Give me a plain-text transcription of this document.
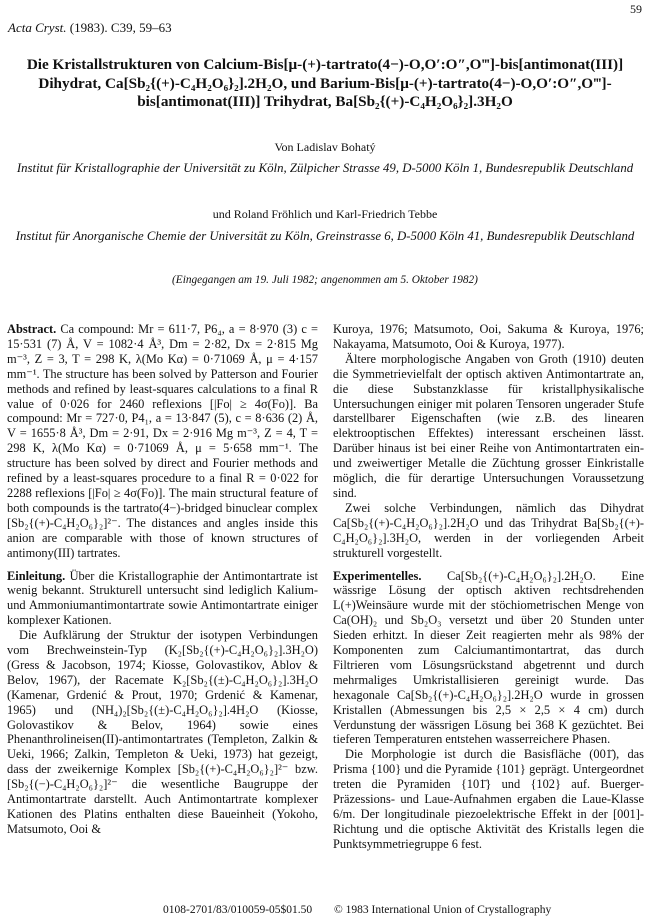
59
Acta Cryst. (1983). C39, 59–63
Die Kristallstrukturen von Calcium-Bis[μ-(+)-tartrato(4−)-O,O′:O″,O‴]-bis[antimonat(III)] Dihydrat, Ca[Sb₂{(+)-C₄H₂O₆}₂].2H₂O, und Barium-Bis[μ-(+)-tartrato(4−)-O,O′:O″,O‴]-bis[antimonat(III)] Trihydrat, Ba[Sb₂{(+)-C₄H₂O₆}₂].3H₂O
Von Ladislav Bohatý
Institut für Kristallographie der Universität zu Köln, Zülpicher Strasse 49, D-5000 Köln 1, Bundesrepublik Deutschland
und Roland Fröhlich und Karl-Friedrich Tebbe
Institut für Anorganische Chemie der Universität zu Köln, Greinstrasse 6, D-5000 Köln 41, Bundesrepublik Deutschland
(Eingegangen am 19. Juli 1982; angenommen am 5. Oktober 1982)

Abstract. Ca compound: Mr = 611·7, P6₄, a = 8·970 (3) c = 15·531 (7) Å, V = 1082·4 Å³, Dm = 2·82, Dx = 2·815 Mg m⁻³, Z = 3, T = 298 K, λ(Mo Kα) = 0·71069 Å, μ = 4·157 mm⁻¹. The structure has been solved by Patterson and Fourier methods and refined by least-squares calculations to a final R value of 0·026 for 2460 reflexions [|Fo| ≥ 4σ(Fo)]. Ba compound: Mr = 727·0, P4₁, a = 13·847 (5), c = 8·636 (2) Å, V = 1655·8 Å³, Dm = 2·91, Dx = 2·916 Mg m⁻³, Z = 4, T = 298 K, λ(Mo Kα) = 0·71069 Å, μ = 5·658 mm⁻¹. The structure has been solved by direct and Fourier methods and refined by a least-squares procedure to a final R = 0·022 for 2288 reflexions [|Fo| ≥ 4σ(Fo)]. The main structural feature of both compounds is the tartrato(4−)-bridged binuclear complex [Sb₂{(+)-C₄H₂O₆}₂]²⁻. The distances and angles inside this anion are comparable with those of known structures of antimony(III) tartrates.

Einleitung. Über die Kristallographie der Antimontartrate ist wenig bekannt. Strukturell untersucht sind lediglich Kalium- und Ammoniumantimontartrate sowie Antimontartrate einiger komplexer Kationen.

Die Aufklärung der Struktur der isotypen Verbindungen vom Brechweinstein-Typ (K₂[Sb₂{(+)-C₄H₂O₆}₂].3H₂O) (Gress & Jacobson, 1974; Kiosse, Golovastikov, Ablov & Belov, 1967), der Racemate K₂[Sb₂{(±)-C₄H₂O₆}₂].3H₂O (Kamenar, Grdenić & Prout, 1970; Grdenić & Kamenar, 1965) und (NH₄)₂[Sb₂{(±)-C₄H₂O₆}₂].4H₂O (Kiosse, Golovastikov & Belov, 1964) sowie eines Phenanthrolineisen(II)-antimontartrates (Templeton, Zalkin & Ueki, 1966; Zalkin, Templeton & Ueki, 1973) hat gezeigt, dass der zweikernige Komplex [Sb₂{(+)-C₄H₂O₆}₂]²⁻ bzw. [Sb₂{(−)-C₄H₂O₆}₂]²⁻ die wesentliche Baugruppe der Antimontartrate darstellt. Auch Antimontartrate komplexer Kationen des Platins enthalten diese Baueinheit (Yokoho, Matsumoto, Ooi &

Kuroya, 1976; Matsumoto, Ooi, Sakuma & Kuroya, 1976; Nakayama, Matsumoto, Ooi & Kuroya, 1977).

Ältere morphologische Angaben von Groth (1910) deuten die Symmetrievielfalt der optisch aktiven Antimontartrate an, die diese Substanzklasse für kristallphysikalische Untersuchungen einiger mit polaren Tensoren ungerader Stufe darstellbarer Eigenschaften (wie z.B. des linearen elektrooptischen Effektes) interessant erscheinen lässt. Darüber hinaus ist bei einer Reihe von Antimontartraten ein- und zweiwertiger Metalle die Züchtung grosser Einkristalle möglich, die für derartige Untersuchungen Voraussetzung sind.

Zwei solche Verbindungen, nämlich das Dihydrat Ca[Sb₂{(+)-C₄H₂O₆}₂].2H₂O und das Trihydrat Ba[Sb₂{(+)-C₄H₂O₆}₂].3H₂O, werden in der vorliegenden Arbeit strukturell vorgestellt.

Experimentelles. Ca[Sb₂{(+)-C₄H₂O₆}₂].2H₂O. Eine wässrige Lösung der optisch aktiven rechtsdrehenden L(+)Weinsäure wurde mit der stöchiometrischen Menge von Ca(OH)₂ und Sb₂O₃ versetzt und über 20 Stunden unter Sieden erhitzt. In dieser Zeit reagierten mehr als 98% der Komponenten zum Calciumantimontartrat, das durch Filtrieren vom Lösungsrückstand abgetrennt und durch mehrmaliges Umkristallisieren gereinigt wurde. Das hexagonale Ca[Sb₂{(+)-C₄H₂O₆}₂].2H₂O wurde in grossen Kristallen (Abmessungen bis 2,5 × 2,5 × 4 cm) durch Verdunstung der wässrigen Lösung bei 368 K gezüchtet. Bei tieferen Temperaturen entstehen wasserreichere Phasen.

Die Morphologie ist durch die Basisfläche (001̄), das Prisma {100} und die Pyramide {101} geprägt. Untergeordnet treten die Pyramiden {101̄} und {102} auf. Buerger-Präzessions- und Laue-Aufnahmen ergaben die Laue-Klasse 6/m. Der longitudinale piezoelektrische Effekt in der [001]-Richtung und die optische Aktivität des Kristalls legen die Punktsymmetriegruppe 6 fest.

0108-2701/83/010059-05$01.50 © 1983 International Union of Crystallography
